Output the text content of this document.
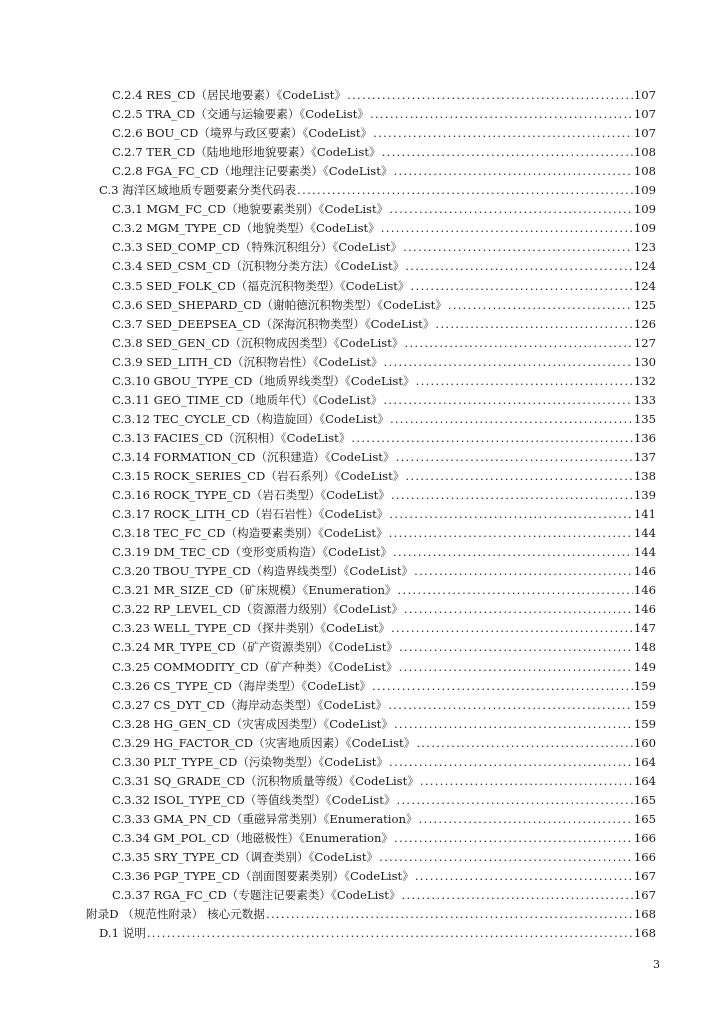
C.2.4 RES_CD（居民地要素）《CodeList》 . . .	107
C.2.5 TRA_CD（交通与运输要素）《CodeList》 . . .	107
C.2.6 BOU_CD（境界与政区要素）《CodeList》 . . .	107
C.2.7 TER_CD（陆地地形地貌要素）《CodeList》 . . .	108
C.2.8 FGA_FC_CD（地理注记要素类）《CodeList》 . . .	108
C.3 海洋区域地质专题要素分类代码表 . . .	109
C.3.1 MGM_FC_CD（地貌要素类别）《CodeList》 . . .	109
C.3.2 MGM_TYPE_CD（地貌类型）《CodeList》 . . .	109
C.3.3 SED_COMP_CD（特殊沉积组分）《CodeList》 . . .	123
C.3.4 SED_CSM_CD（沉积物分类方法）《CodeList》 . . .	124
C.3.5 SED_FOLK_CD（福克沉积物类型）《CodeList》 . . .	124
C.3.6 SED_SHEPARD_CD（谢帕德沉积物类型）《CodeList》 . . .	125
C.3.7 SED_DEEPSEA_CD（深海沉积物类型）《CodeList》 . . .	126
C.3.8 SED_GEN_CD（沉积物成因类型）《CodeList》 . . .	127
C.3.9 SED_LITH_CD（沉积物岩性）《CodeList》 . . .	130
C.3.10 GBOU_TYPE_CD（地质界线类型）《CodeList》 . . .	132
C.3.11 GEO_TIME_CD（地质年代）《CodeList》 . . .	133
C.3.12 TEC_CYCLE_CD（构造旋回）《CodeList》 . . .	135
C.3.13 FACIES_CD（沉积相）《CodeList》 . . .	136
C.3.14 FORMATION_CD（沉积建造）《CodeList》 . . .	137
C.3.15 ROCK_SERIES_CD（岩石系列）《CodeList》 . . .	138
C.3.16 ROCK_TYPE_CD（岩石类型）《CodeList》 . . .	139
C.3.17 ROCK_LITH_CD（岩石岩性）《CodeList》 . . .	141
C.3.18 TEC_FC_CD（构造要素类别）《CodeList》 . . .	144
C.3.19 DM_TEC_CD（变形变质构造）《CodeList》 . . .	144
C.3.20 TBOU_TYPE_CD（构造界线类型）《CodeList》 . . .	146
C.3.21 MR_SIZE_CD（矿床规模）《Enumeration》 . . .	146
C.3.22 RP_LEVEL_CD（资源潜力级别）《CodeList》 . . .	146
C.3.23 WELL_TYPE_CD（探井类别）《CodeList》 . . .	147
C.3.24 MR_TYPE_CD（矿产资源类别）《CodeList》 . . .	148
C.3.25 COMMODITY_CD（矿产种类）《CodeList》 . . .	149
C.3.26 CS_TYPE_CD（海岸类型）《CodeList》 . . .	159
C.3.27 CS_DYT_CD（海岸动态类型）《CodeList》 . . .	159
C.3.28 HG_GEN_CD（灾害成因类型）《CodeList》 . . .	159
C.3.29 HG_FACTOR_CD（灾害地质因素）《CodeList》 . . .	160
C.3.30 PLT_TYPE_CD（污染物类型）《CodeList》 . . .	164
C.3.31 SQ_GRADE_CD（沉积物质量等级）《CodeList》 . . .	164
C.3.32 ISOL_TYPE_CD（等值线类型）《CodeList》 . . .	165
C.3.33 GMA_PN_CD（重磁异常类别）《Enumeration》 . . .	165
C.3.34 GM_POL_CD（地磁极性）《Enumeration》 . . .	166
C.3.35 SRY_TYPE_CD（调查类别）《CodeList》 . . .	166
C.3.36 PGP_TYPE_CD（剖面图要素类别）《CodeList》 . . .	167
C.3.37 RGA_FC_CD（专题注记要素类）《CodeList》 . . .	167
附录D （规范性附录） 核心元数据 . . .	168
D.1 说明 . . .	168
3
